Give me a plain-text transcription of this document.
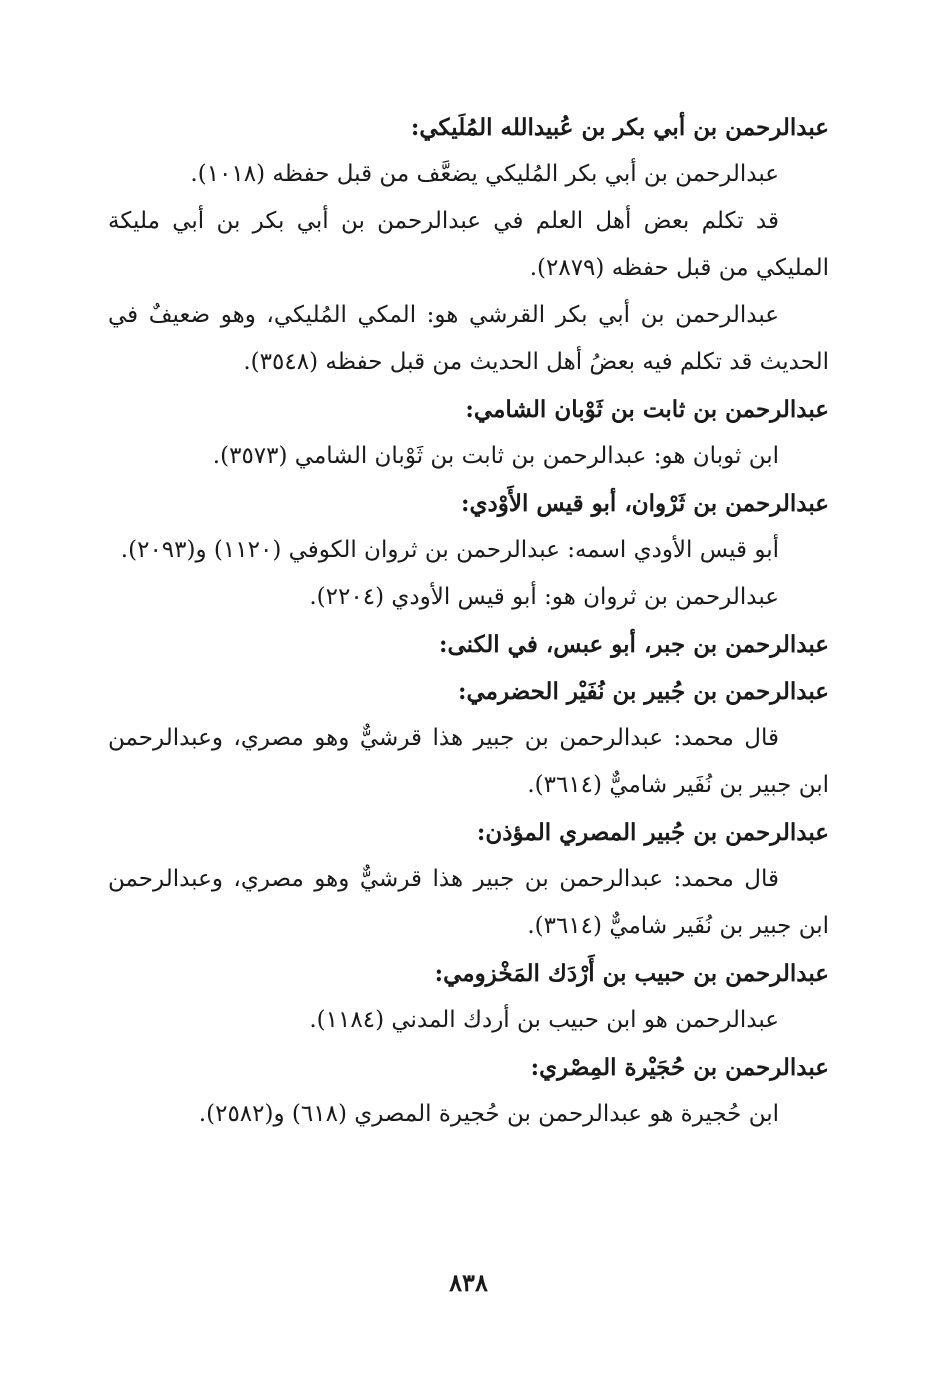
عبدالرحمن بن أبي بكر بن عُبيدالله المُلَيكي:

عبدالرحمن بن أبي بكر المُليكي يضعَّف من قبل حفظه (١٠١٨).

قد تكلم بعض أهل العلم في عبدالرحمن بن أبي بكر بن أبي مليكة المليكي من قبل حفظه (٢٨٧٩).

عبدالرحمن بن أبي بكر القرشي هو: المكي المُليكي، وهو ضعيفٌ في الحديث قد تكلم فيه بعضُ أهل الحديث من قبل حفظه (٣٥٤٨).

عبدالرحمن بن ثابت بن ثَوْبان الشامي:

ابن ثوبان هو: عبدالرحمن بن ثابت بن ثَوْبان الشامي (٣٥٧٣).

عبدالرحمن بن ثَرْوان، أبو قيس الأَوْدي:

أبو قيس الأودي اسمه: عبدالرحمن بن ثروان الكوفي (١١٢٠) و(٢٠٩٣).

عبدالرحمن بن ثروان هو: أبو قيس الأودي (٢٢٠٤).

عبدالرحمن بن جبر، أبو عبس، في الكنى:

عبدالرحمن بن جُبير بن نُفَيْر الحضرمي:

قال محمد: عبدالرحمن بن جبير هذا قرشيٌّ وهو مصري، وعبدالرحمن ابن جبير بن نُفَير شاميٌّ (٣٦١٤).

عبدالرحمن بن جُبير المصري المؤذن:

قال محمد: عبدالرحمن بن جبير هذا قرشيٌّ وهو مصري، وعبدالرحمن ابن جبير بن نُفَير شاميٌّ (٣٦١٤).

عبدالرحمن بن حبيب بن أَرْدَك المَخْزومي:

عبدالرحمن هو ابن حبيب بن أردك المدني (١١٨٤).

عبدالرحمن بن حُجَيْرة المِصْري:

ابن حُجيرة هو عبدالرحمن بن حُجيرة المصري (٦١٨) و(٢٥٨٢).

٨٣٨
